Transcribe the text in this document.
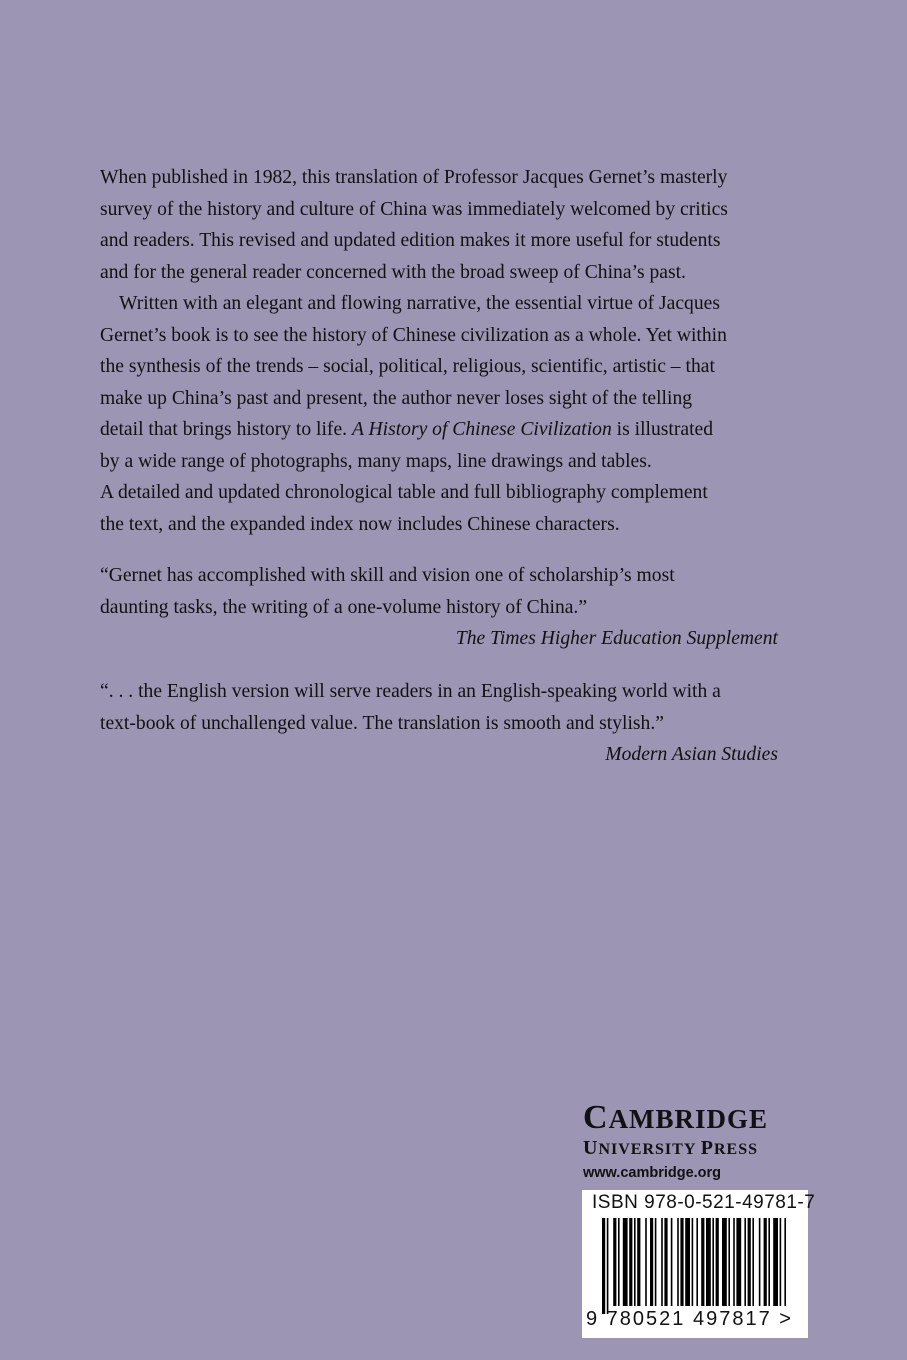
When published in 1982, this translation of Professor Jacques Gernet’s masterly
survey of the history and culture of China was immediately welcomed by critics
and readers. This revised and updated edition makes it more useful for students
and for the general reader concerned with the broad sweep of China’s past.

Written with an elegant and flowing narrative, the essential virtue of Jacques
Gernet’s book is to see the history of Chinese civilization as a whole. Yet within
the synthesis of the trends – social, political, religious, scientific, artistic – that
make up China’s past and present, the author never loses sight of the telling
detail that brings history to life. A History of Chinese Civilization is illustrated
by a wide range of photographs, many maps, line drawings and tables.
A detailed and updated chronological table and full bibliography complement
the text, and the expanded index now includes Chinese characters.

“Gernet has accomplished with skill and vision one of scholarship’s most
daunting tasks, the writing of a one-volume history of China.”
The Times Higher Education Supplement
“. . . the English version will serve readers in an English-speaking world with a
text-book of unchallenged value. The translation is smooth and stylish.”
Modern Asian Studies
CAMBRIDGE
UNIVERSITY PRESS
www.cambridge.org
ISBN 978-0-521-49781-7
9 780521 497817 >
